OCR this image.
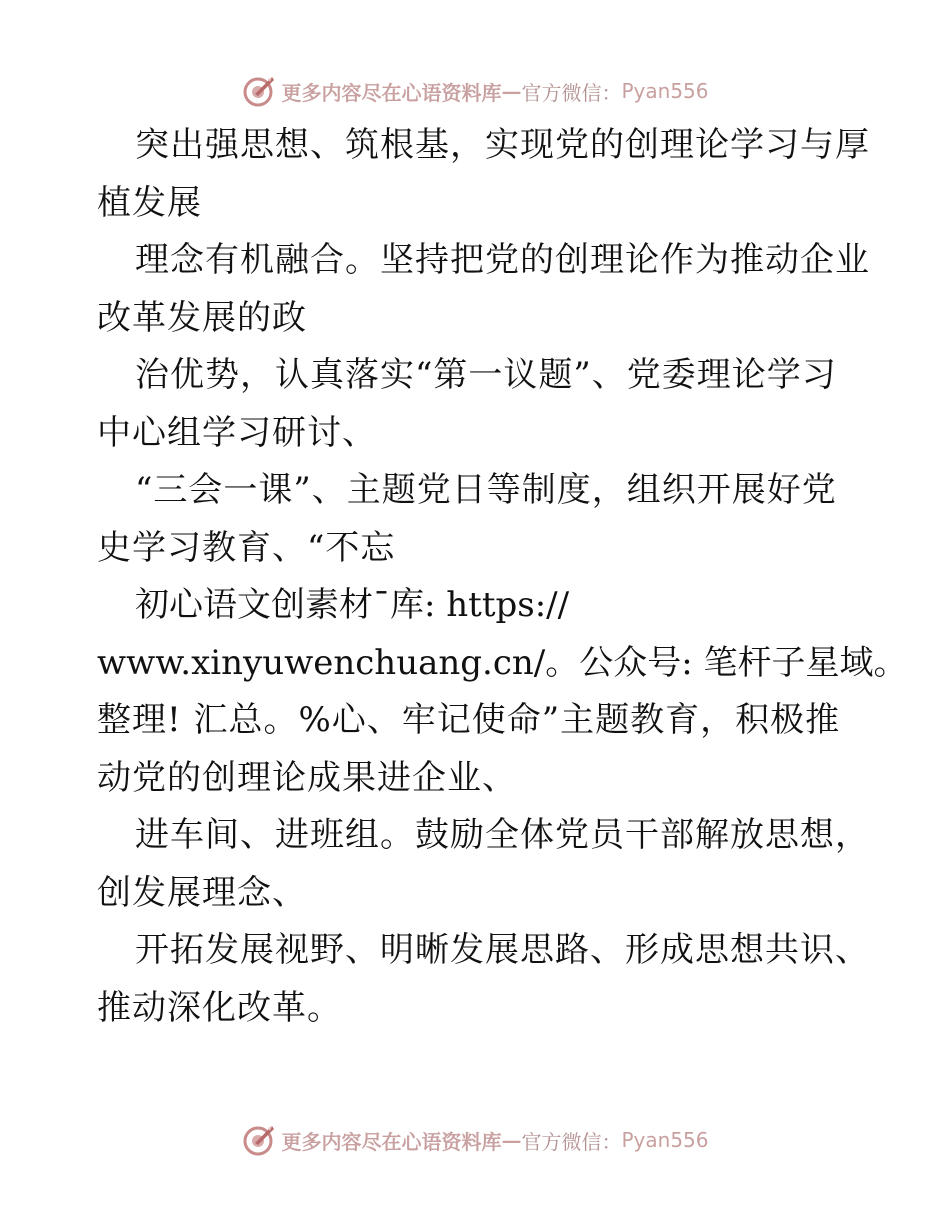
更多内容尽在心语资料库 — 官方微信： Pyan556
突出强思想、筑根基，实现党的创理论学习与厚
植发展
理念有机融合。坚持把党的创理论作为推动企业
改革发展的政
治优势，认真落实“第一议题”、党委理论学习
中心组学习研讨、
“三会一课”、主题党日等制度，组织开展好党
史学习教育、“不忘
初心语文创素材¯库: https://
www.xinyuwenchuang.cn/。公众号: 笔杆子星域。
整理! 汇总。%心、牢记使命”主题教育，积极推
动党的创理论成果进企业、
进车间、进班组。鼓励全体党员干部解放思想，
创发展理念、
开拓发展视野、明晰发展思路、形成思想共识、
推动深化改革。
更多内容尽在心语资料库 — 官方微信： Pyan556
